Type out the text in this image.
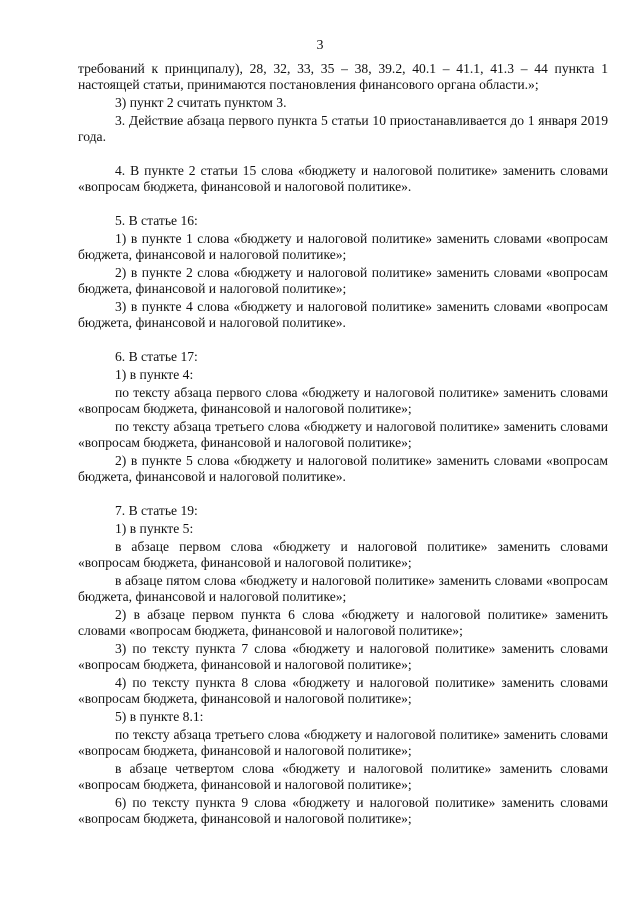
3

требований к принципалу), 28, 32, 33, 35 – 38, 39.2, 40.1 – 41.1, 41.3 – 44 пункта 1 настоящей статьи, принимаются постановления финансового органа области.»;

3) пункт 2 считать пунктом 3.

3. Действие абзаца первого пункта 5 статьи 10 приостанавливается до 1 января 2019 года.

4. В пункте 2 статьи 15 слова «бюджету и налоговой политике» заменить словами «вопросам бюджета, финансовой и налоговой политике».

5. В статье 16:

1) в пункте 1 слова «бюджету и налоговой политике» заменить словами «вопросам бюджета, финансовой и налоговой политике»;

2) в пункте 2 слова «бюджету и налоговой политике» заменить словами «вопросам бюджета, финансовой и налоговой политике»;

3) в пункте 4 слова «бюджету и налоговой политике» заменить словами «вопросам бюджета, финансовой и налоговой политике».

6. В статье 17:

1) в пункте 4:

по тексту абзаца первого слова «бюджету и налоговой политике» заменить словами «вопросам бюджета, финансовой и налоговой политике»;

по тексту абзаца третьего слова «бюджету и налоговой политике» заменить словами «вопросам бюджета, финансовой и налоговой политике»;

2) в пункте 5 слова «бюджету и налоговой политике» заменить словами «вопросам бюджета, финансовой и налоговой политике».

7. В статье 19:

1) в пункте 5:

в абзаце первом слова «бюджету и налоговой политике» заменить словами «вопросам бюджета, финансовой и налоговой политике»;

в абзаце пятом слова «бюджету и налоговой политике» заменить словами «вопросам бюджета, финансовой и налоговой политике»;

2) в абзаце первом пункта 6 слова «бюджету и налоговой политике» заменить словами «вопросам бюджета, финансовой и налоговой политике»;

3) по тексту пункта 7 слова «бюджету и налоговой политике» заменить словами «вопросам бюджета, финансовой и налоговой политике»;

4) по тексту пункта 8 слова «бюджету и налоговой политике» заменить словами «вопросам бюджета, финансовой и налоговой политике»;

5) в пункте 8.1:

по тексту абзаца третьего слова «бюджету и налоговой политике» заменить словами «вопросам бюджета, финансовой и налоговой политике»;

в абзаце четвертом слова «бюджету и налоговой политике» заменить словами «вопросам бюджета, финансовой и налоговой политике»;

6) по тексту пункта 9 слова «бюджету и налоговой политике» заменить словами «вопросам бюджета, финансовой и налоговой политике»;
